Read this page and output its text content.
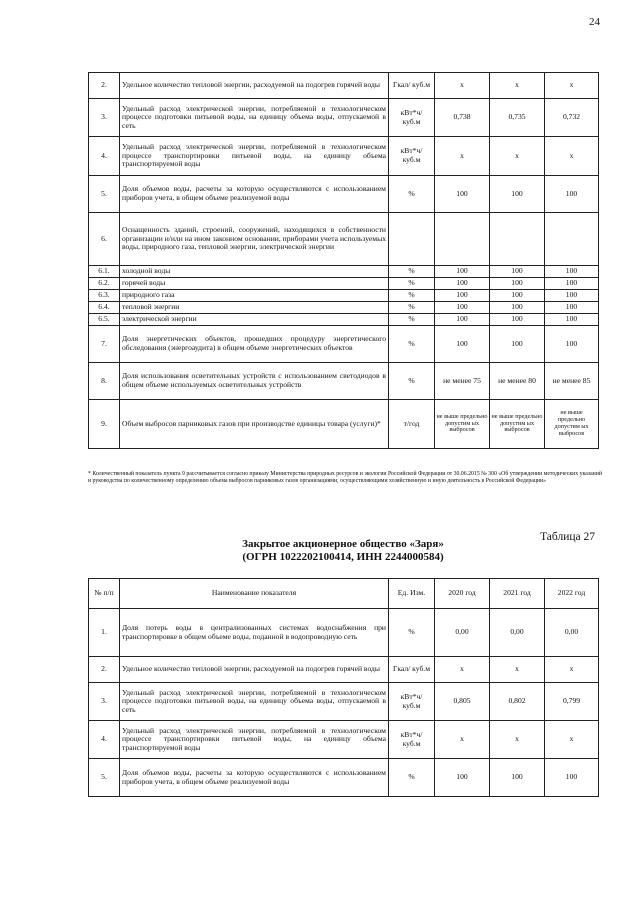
24
2.	Удельное количество тепловой энергии, расходуемой на подогрев горячей воды	Гкал/ куб.м	x	x	x
3.	Удельный расход электрической энергии, потребляемой в технологическом процессе подготовки питьевой воды, на единицу объема воды, отпускаемой в сеть	кВт*ч/ куб.м	0,738	0,735	0,732
4.	Удельный расход электрической энергии, потребляемой в технологическом процессе транспортировки питьевой воды, на единицу объема транспортируемой воды	кВт*ч/ куб.м	x	x	x
5.	Доля объемов воды, расчеты за которую осуществляются с использованием приборов учета, в общем объеме реализуемой воды	%	100	100	100
6.	Оснащенность зданий, строений, сооружений, находящихся в собственности организации и/или на ином законном основании, приборами учета используемых воды, природного газа, тепловой энергии, электрической энергии				
6.1.	холодной воды	%	100	100	100
6.2.	горячей воды	%	100	100	100
6.3.	природного газа	%	100	100	100
6.4.	тепловой энергии	%	100	100	100
6.5.	электрической энергии	%	100	100	100
7.	Доля энергетических объектов, прошедших процедуру энергетического обследования (энергоаудита) в общем объеме энергетических объектов	%	100	100	100
8.	Доля использования осветительных устройств с использованием светодиодов в общем объеме используемых осветительных устройств	%	не менее 75	не менее 80	не менее 85
9.	Объем выбросов парниковых газов при производстве единицы товара (услуги)*	т/год	не выше предельно допустим ых выбросов	не выше предельно допустим ых выбросов	не выше предельно допустим ых выбросов
* Количественный показатель пункта 9 рассчитывается согласно приказу Министерства природных ресурсов и экологии Российской Федерации от 30.06.2015 № 300 «Об утверждении методических указаний и руководства по количественному определению объема выбросов парниковых газов организациями, осуществляющими хозяйственную и иную деятельность в Российской Федерации»
Таблица 27
Закрытое акционерное общество «Заря»
(ОГРН 1022202100414, ИНН 2244000584)
№ п/п	Наименование показателя	Ед. Изм.	2020 год	2021 год	2022 год
1.	Доля потерь воды в централизованных системах водоснабжения при транспортировке в общем объеме воды, поданной в водопроводную сеть	%	0,00	0,00	0,00
2.	Удельное количество тепловой энергии, расходуемой на подогрев горячей воды	Гкал/ куб.м	x	x	x
3.	Удельный расход электрической энергии, потребляемой в технологическом процессе подготовки питьевой воды, на единицу объема воды, отпускаемой в сеть	кВт*ч/ куб.м	0,805	0,802	0,799
4.	Удельный расход электрической энергии, потребляемой в технологическом процессе транспортировки питьевой воды, на единицу объема транспортируемой воды	кВт*ч/ куб.м	x	x	x
5.	Доля объемов воды, расчеты за которую осуществляются с использованием приборов учета, в общем объеме реализуемой воды	%	100	100	100
